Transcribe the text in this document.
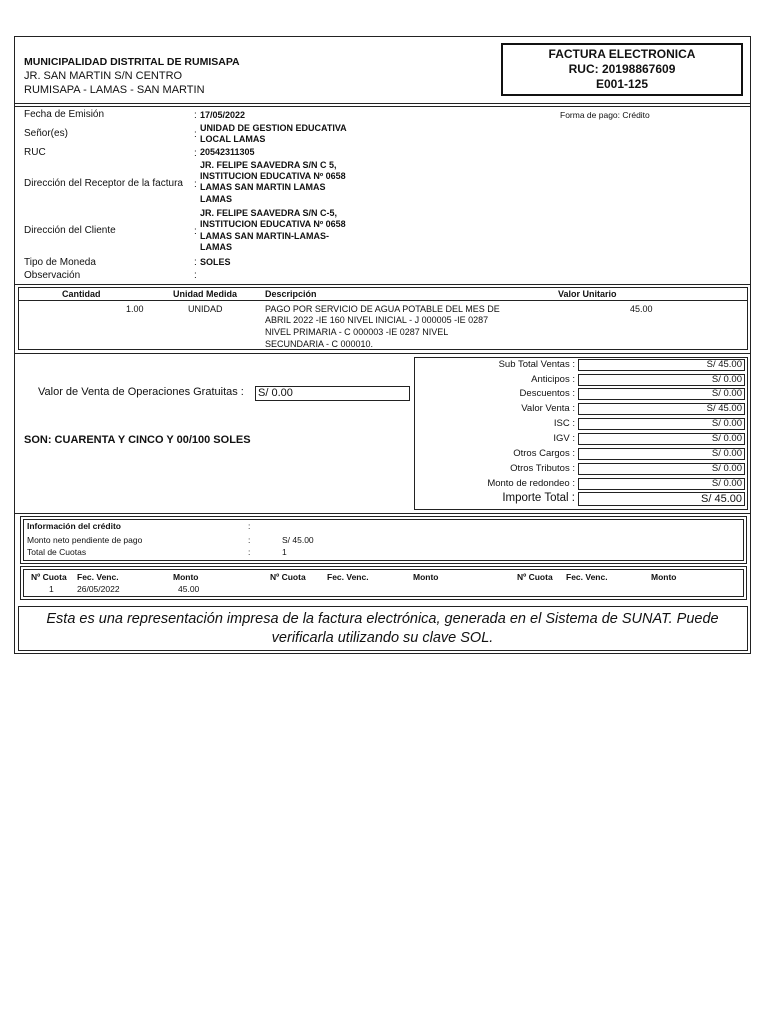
MUNICIPALIDAD DISTRITAL DE RUMISAPA
JR. SAN MARTIN S/N CENTRO
RUMISAPA - LAMAS - SAN MARTIN
FACTURA ELECTRONICA
RUC: 20198867609
E001-125
Fecha de Emisión	: 17/05/2022	Forma de pago: Crédito
Señor(es)	:
UNIDAD DE GESTION EDUCATIVA
LOCAL LAMAS
RUC	: 20542311305
Dirección del Receptor de la factura :
JR. FELIPE SAAVEDRA S/N C 5,
INSTITUCION EDUCATIVA Nº 0658
LAMAS SAN MARTIN LAMAS
LAMAS
Dirección del Cliente	:
JR. FELIPE SAAVEDRA S/N C-5,
INSTITUCION EDUCATIVA Nº 0658
LAMAS SAN MARTIN-LAMAS-
LAMAS
Tipo de Moneda	: SOLES
Observación	:
Cantidad	Unidad Medida	Descripción	Valor Unitario
1.00	UNIDAD	PAGO POR SERVICIO DE AGUA POTABLE DEL MES DE
ABRIL 2022 -IE 160 NIVEL INICIAL - J 000005 -IE 0287
NIVEL PRIMARIA - C 000003 -IE 0287 NIVEL
SECUNDARIA - C 000010.
45.00
Valor de Venta de Operaciones Gratuitas : S/ 0.00
SON: CUARENTA Y CINCO Y 00/100 SOLES
Sub Total Ventas :	S/ 45.00
Anticipos :	S/ 0.00
Descuentos :	S/ 0.00
Valor Venta :	S/ 45.00
ISC :	S/ 0.00
IGV :	S/ 0.00
Otros Cargos :	S/ 0.00
Otros Tributos :	S/ 0.00
Monto de redondeo :	S/ 0.00
Importe Total :	S/ 45.00
Información del crédito	:
Monto neto pendiente de pago	:	S/ 45.00
Total de Cuotas	:	1
Nº Cuota Fec. Venc.	Monto	Nº Cuota	Fec. Venc.	Monto	Nº Cuota Fec. Venc.	Monto
1	26/05/2022	45.00
Esta es una representación impresa de la factura electrónica, generada en el Sistema de SUNAT. Puede
verificarla utilizando su clave SOL.
